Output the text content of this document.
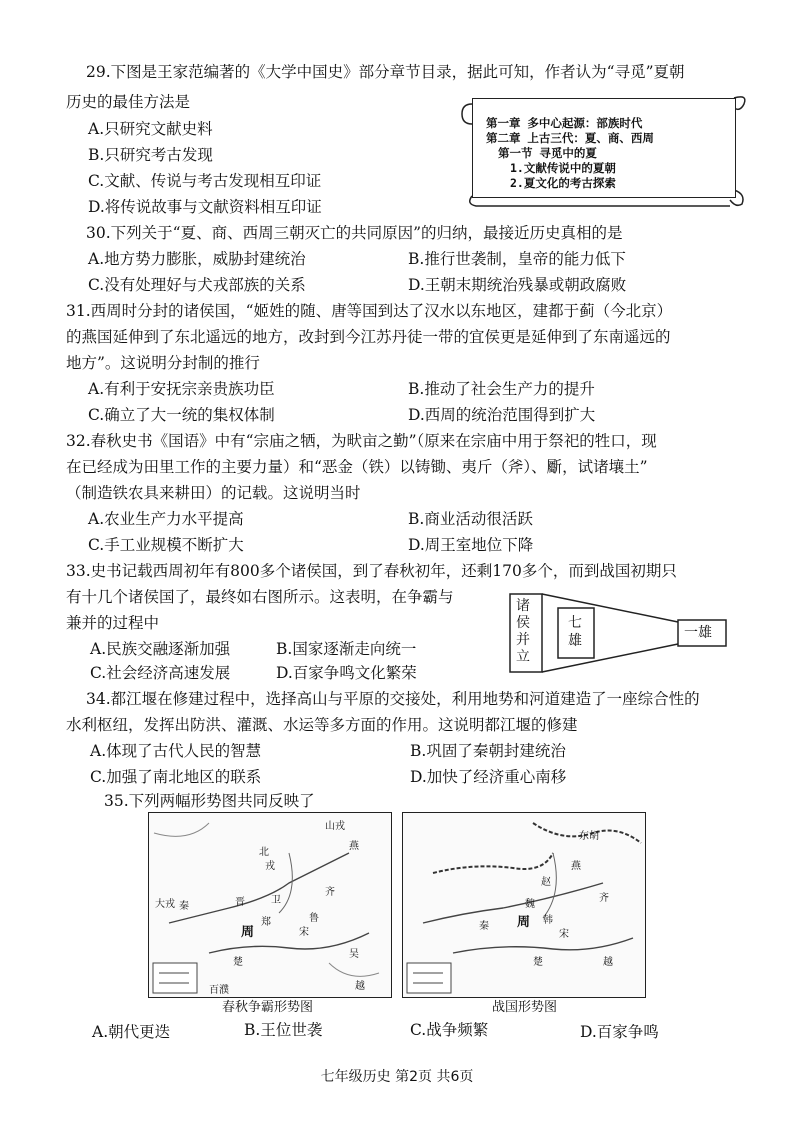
29.下图是王家范编著的《大学中国史》部分章节目录，据此可知，作者认为“寻觅”夏朝
历史的最佳方法是
A.只研究文献史料
B.只研究考古发现
C.文献、传说与考古发现相互印证
D.将传说故事与文献资料相互印证
第一章 多中心起源：部族时代
第二章 上古三代：夏、商、西周
第一节 寻觅中的夏
1.文献传说中的夏朝
2.夏文化的考古探索
30.下列关于“夏、商、西周三朝灭亡的共同原因”的归纳，最接近历史真相的是
A.地方势力膨胀，威胁封建统治	B.推行世袭制，皇帝的能力低下
C.没有处理好与犬戎部族的关系	D.王朝末期统治残暴或朝政腐败
31.西周时分封的诸侯国，“姬姓的随、唐等国到达了汉水以东地区，建都于蓟（今北京）
的燕国延伸到了东北遥远的地方，改封到今江苏丹徒一带的宜侯更是延伸到了东南遥远的
地方”。这说明分封制的推行
A.有利于安抚宗亲贵族功臣	B.推动了社会生产力的提升
C.确立了大一统的集权体制	D.西周的统治范围得到扩大
32.春秋史书《国语》中有“宗庙之牺，为畎亩之勤”（原来在宗庙中用于祭祀的牲口，现
在已经成为田里工作的主要力量）和“恶金（铁）以铸锄、夷斤（斧）、斸，试诸壤土”
（制造铁农具来耕田）的记载。这说明当时
A.农业生产力水平提高	B.商业活动很活跃
C.手工业规模不断扩大	D.周王室地位下降
33.史书记载西周初年有800多个诸侯国，到了春秋初年，还剩170多个，而到战国初期只
有十几个诸侯国了，最终如右图所示。这表明，在争霸与
兼并的过程中
A.民族交融逐渐加强	B.国家逐渐走向统一
C.社会经济高速发展	D.百家争鸣文化繁荣
诸侯并立
七雄	一雄
34.都江堰在修建过程中，选择高山与平原的交接处，利用地势和河道建造了一座综合性的
水利枢纽，发挥出防洪、灌溉、水运等多方面的作用。这说明都江堰的修建
A.体现了古代人民的智慧	B.巩固了秦朝封建统治
C.加强了南北地区的联系	D.加快了经济重心南移
35.下列两幅形势图共同反映了
山戎
燕
北
戎
齐
晋	卫
鲁
宋
郑
周
大戎 秦
楚
吴
越
百濮
春秋争霸形势图
东胡
燕
赵
齐
魏
韩
周
宋
秦
楚	越
战国形势图
A.朝代更迭	B.王位世袭	C.战争频繁	D.百家争鸣
七年级历史 第2页 共6页
